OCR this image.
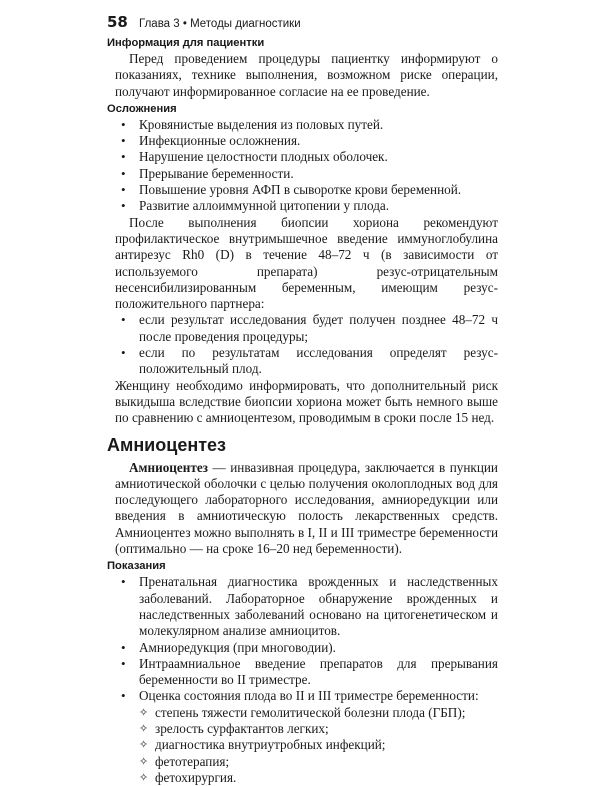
58 Глава 3 • Методы диагностики
Информация для пациентки

Перед проведением процедуры пациентку информируют о показаниях, технике выполнения, возможном риске операции, получают информированное согласие на ее проведение.

Осложнения
• Кровянистые выделения из половых путей.
• Инфекционные осложнения.
• Нарушение целостности плодных оболочек.
• Прерывание беременности.
• Повышение уровня АФП в сыворотке крови беременной.
• Развитие аллоиммунной цитопении у плода.

После выполнения биопсии хориона рекомендуют профилактическое внутримышечное введение иммуноглобулина антирезус Rh0 (D) в течение 48–72 ч (в зависимости от используемого препарата) резус-отрицательным несенсибилизированным беременным, имеющим резус-положительного партнера:

• если результат исследования будет получен позднее 48–72 ч после проведения процедуры;
• если по результатам исследования определят резус-положительный плод.

Женщину необходимо информировать, что дополнительный риск выкидыша вследствие биопсии хориона может быть немного выше по сравнению с амниоцентезом, проводимым в сроки после 15 нед.

Амниоцентез

Амниоцентез — инвазивная процедура, заключается в пункции амниотической оболочки с целью получения околоплодных вод для последующего лабораторного исследования, амниоредукции или введения в амниотическую полость лекарственных средств. Амниоцентез можно выполнять в I, II и III триместре беременности (оптимально — на сроке 16–20 нед беременности).

Показания
• Пренатальная диагностика врожденных и наследственных заболеваний. Лабораторное обнаружение врожденных и наследственных заболеваний основано на цитогенетическом и молекулярном анализе амниоцитов.
• Амниоредукция (при многоводии).
• Интраамниальное введение препаратов для прерывания беременности во II триместре.
• Оценка состояния плода во II и III триместре беременности:
✧ степень тяжести гемолитической болезни плода (ГБП);
✧ зрелость сурфактантов легких;
✧ диагностика внутриутробных инфекций;
✧ фетотерапия;
✧ фетохирургия.
